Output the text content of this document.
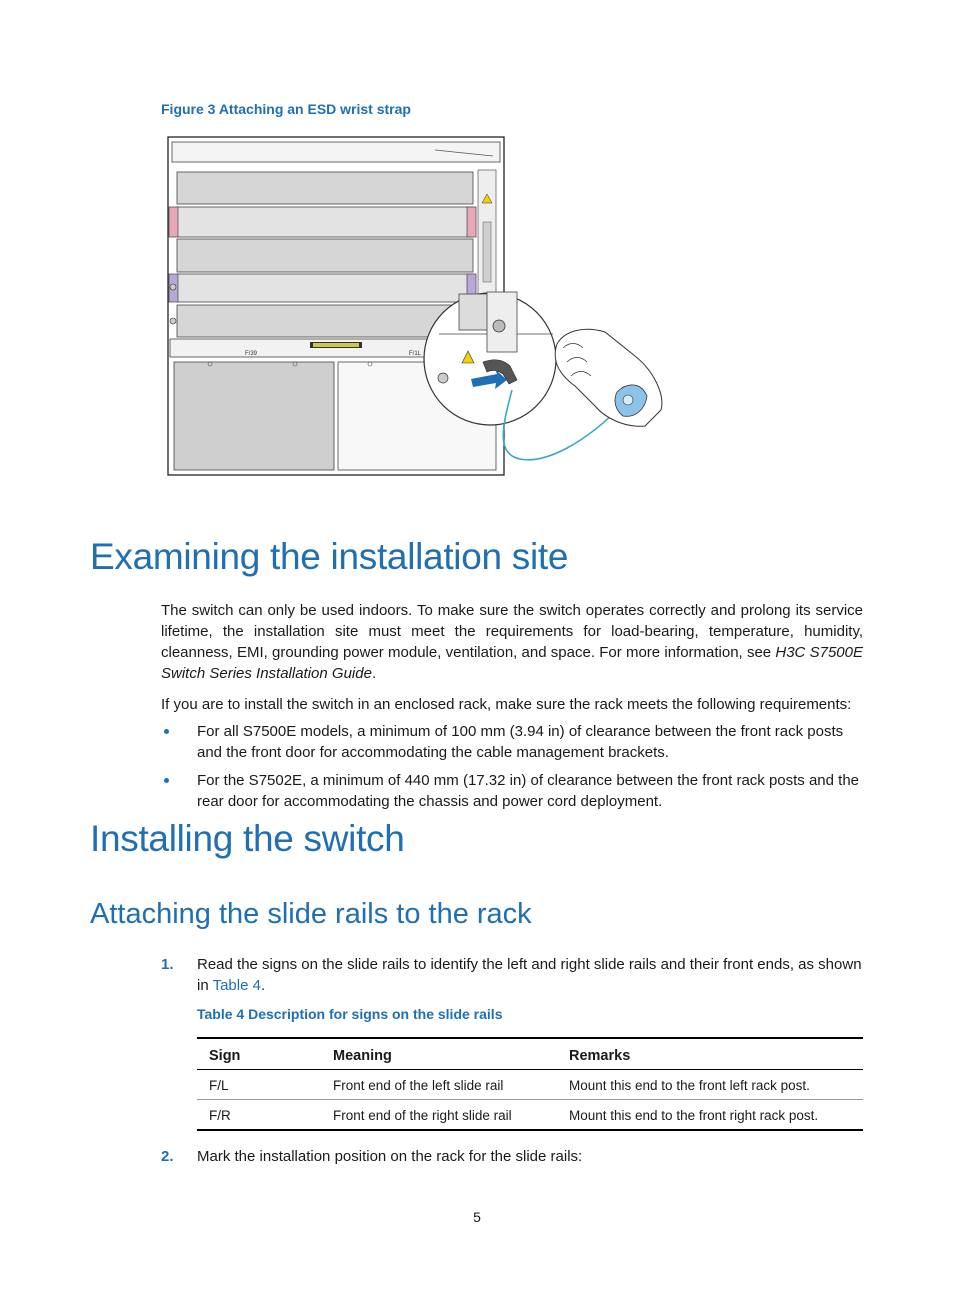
Figure 3 Attaching an ESD wrist strap
F/39	F/1L
Examining the installation site

The switch can only be used indoors. To make sure the switch operates correctly and prolong its service lifetime, the installation site must meet the requirements for load-bearing, temperature, humidity, cleanness, EMI, grounding power module, ventilation, and space. For more information, see H3C S7500E Switch Series Installation Guide.

If you are to install the switch in an enclosed rack, make sure the rack meets the following requirements:

For all S7500E models, a minimum of 100 mm (3.94 in) of clearance between the front rack posts and the front door for accommodating the cable management brackets.
For the S7502E, a minimum of 440 mm (17.32 in) of clearance between the front rack posts and the rear door for accommodating the chassis and power cord deployment.
Installing the switch
Attaching the slide rails to the rack
1. Read the signs on the slide rails to identify the left and right slide rails and their front ends, as shown in Table 4.
Table 4 Description for signs on the slide rails
Sign	Meaning	Remarks
F/L	Front end of the left slide rail	Mount this end to the front left rack post.
F/R	Front end of the right slide rail	Mount this end to the front right rack post.
2. Mark the installation position on the rack for the slide rails:
5
